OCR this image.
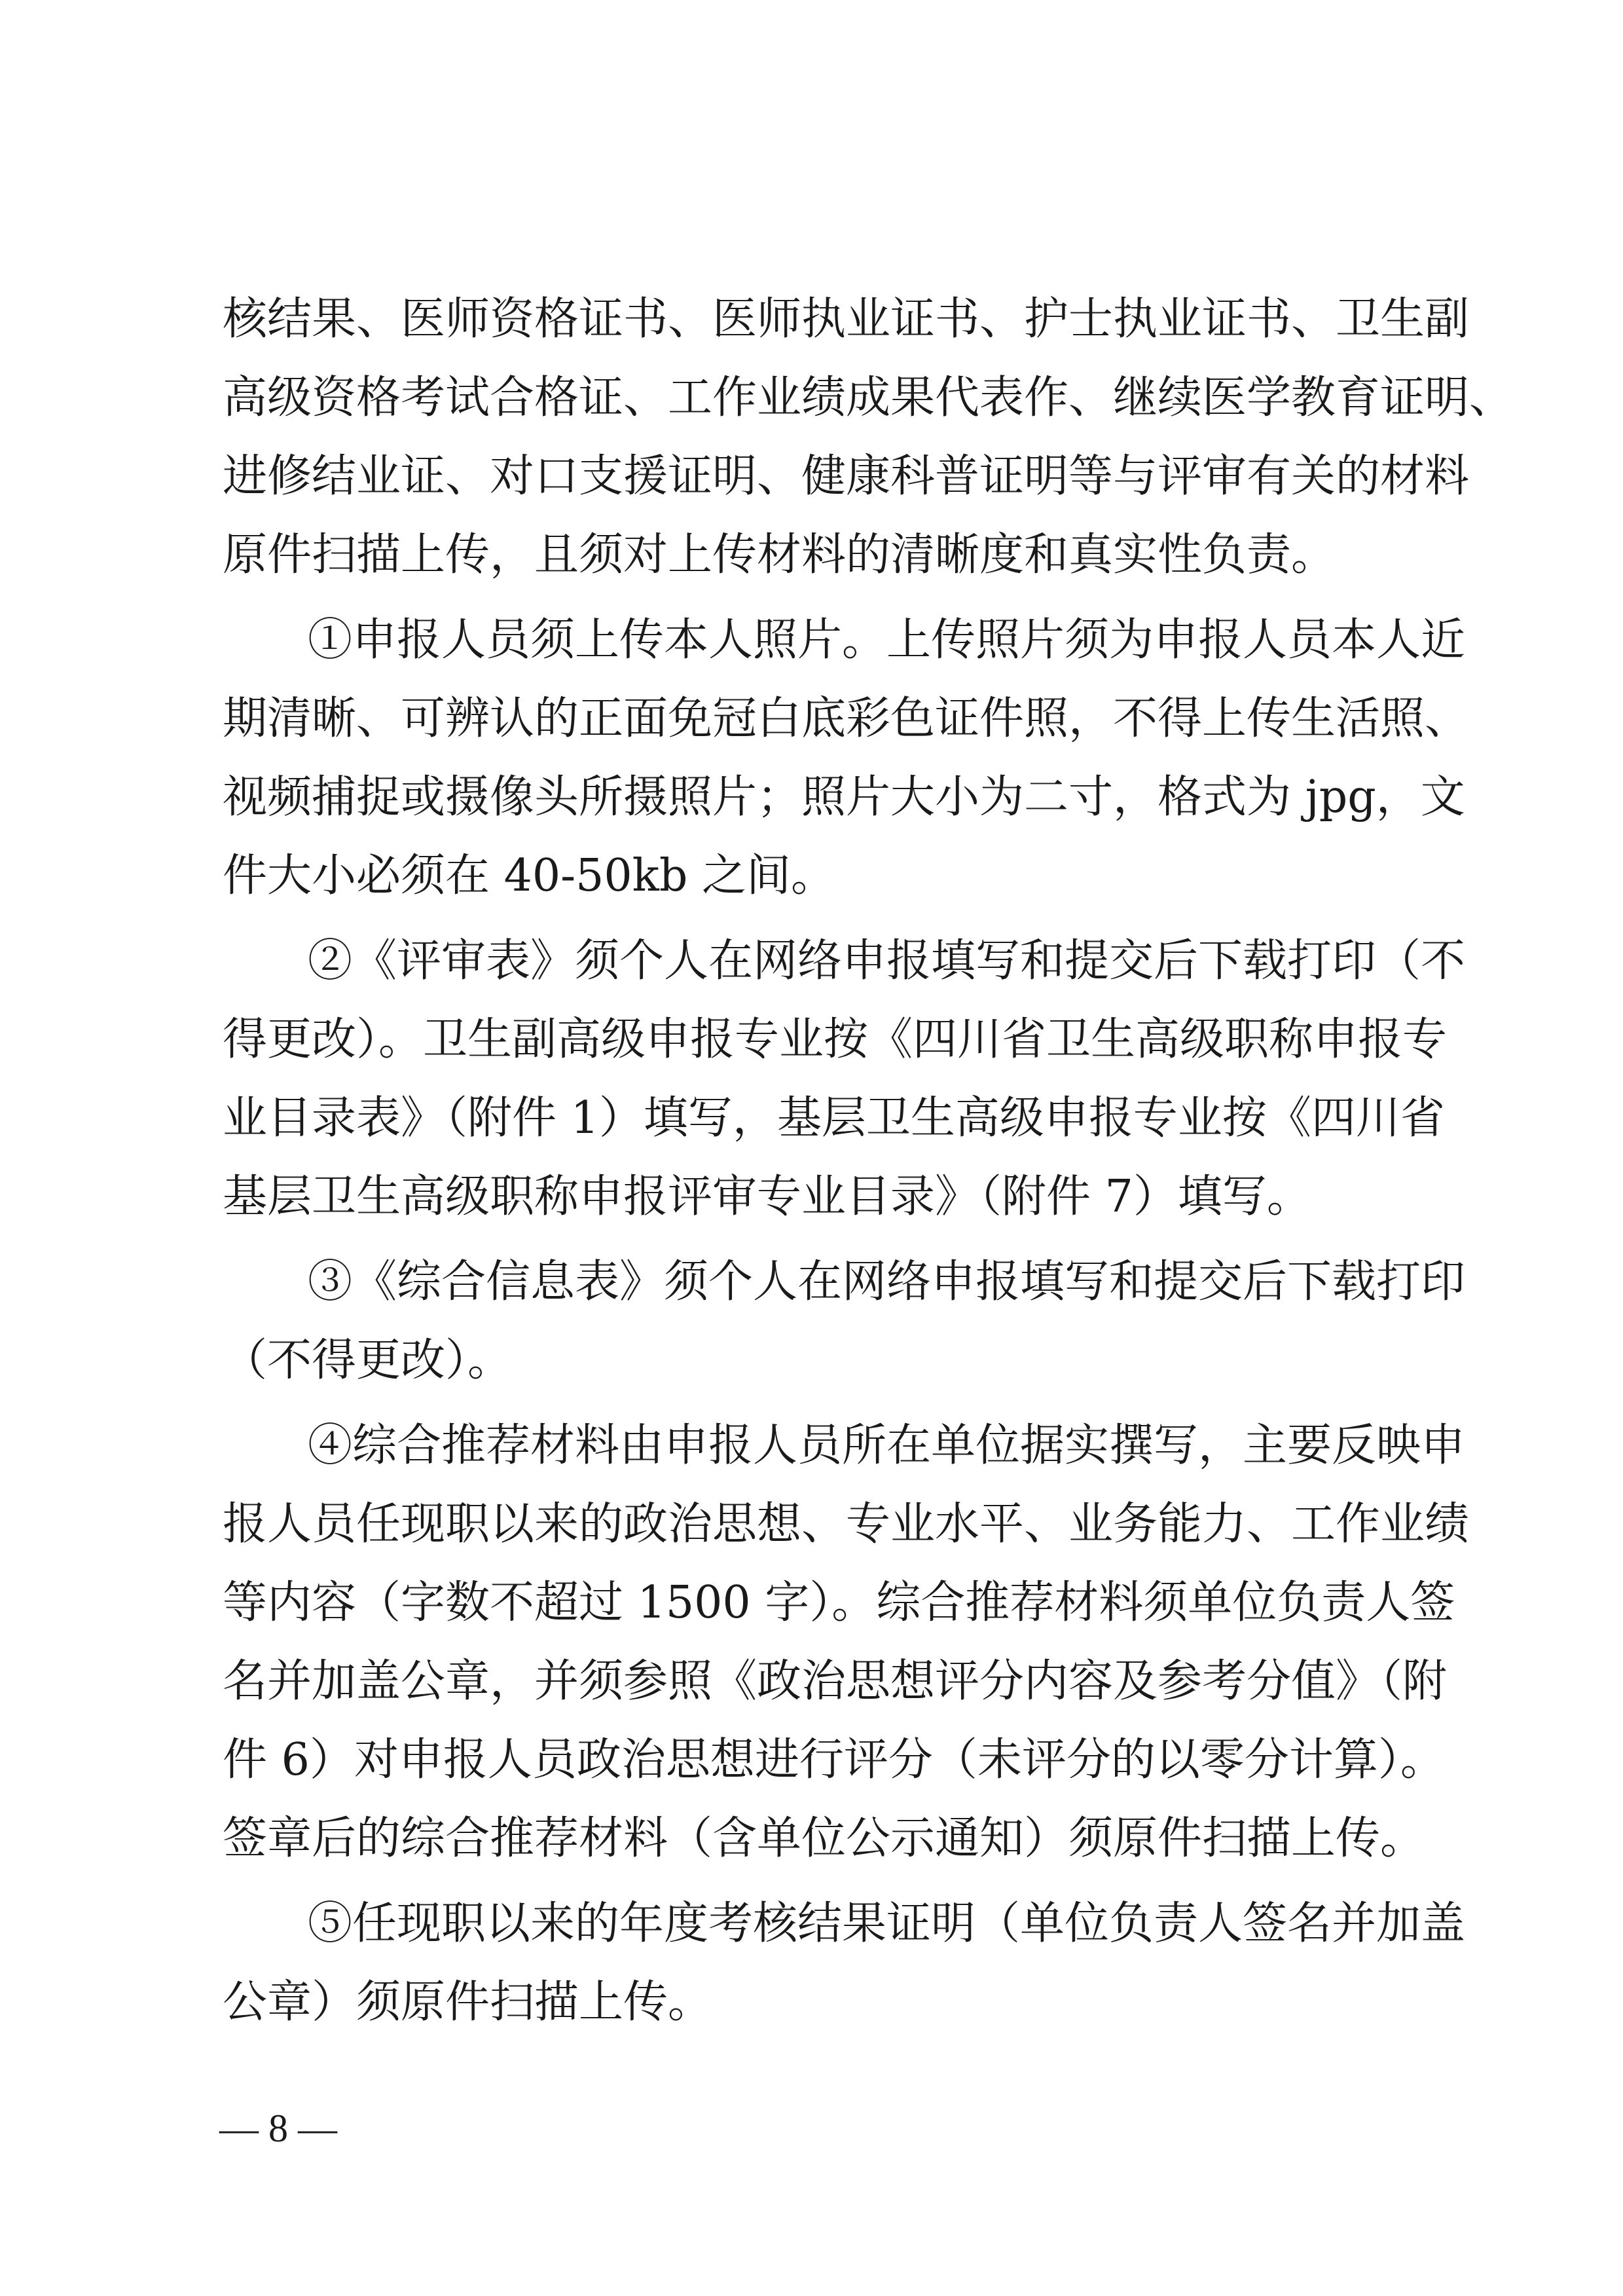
核结果、医师资格证书、医师执业证书、护士执业证书、卫生副
高级资格考试合格证、工作业绩成果代表作、继续医学教育证明、
进修结业证、对口支援证明、健康科普证明等与评审有关的材料
原件扫描上传，且须对上传材料的清晰度和真实性负责。
①申报人员须上传本人照片。上传照片须为申报人员本人近
期清晰、可辨认的正面免冠白底彩色证件照，不得上传生活照、
视频捕捉或摄像头所摄照片；照片大小为二寸，格式为 jpg，文
件大小必须在 40-50kb 之间。
②《评审表》须个人在网络申报填写和提交后下载打印（不
得更改）。卫生副高级申报专业按《四川省卫生高级职称申报专
业目录表》（附件 1）填写，基层卫生高级申报专业按《四川省
基层卫生高级职称申报评审专业目录》（附件 7）填写。
③《综合信息表》须个人在网络申报填写和提交后下载打印
（不得更改）。
④综合推荐材料由申报人员所在单位据实撰写，主要反映申
报人员任现职以来的政治思想、专业水平、业务能力、工作业绩
等内容（字数不超过 1500 字）。综合推荐材料须单位负责人签
名并加盖公章，并须参照《政治思想评分内容及参考分值》（附
件 6）对申报人员政治思想进行评分（未评分的以零分计算）。
签章后的综合推荐材料（含单位公示通知）须原件扫描上传。
⑤任现职以来的年度考核结果证明（单位负责人签名并加盖
公章）须原件扫描上传。
— 8 —
